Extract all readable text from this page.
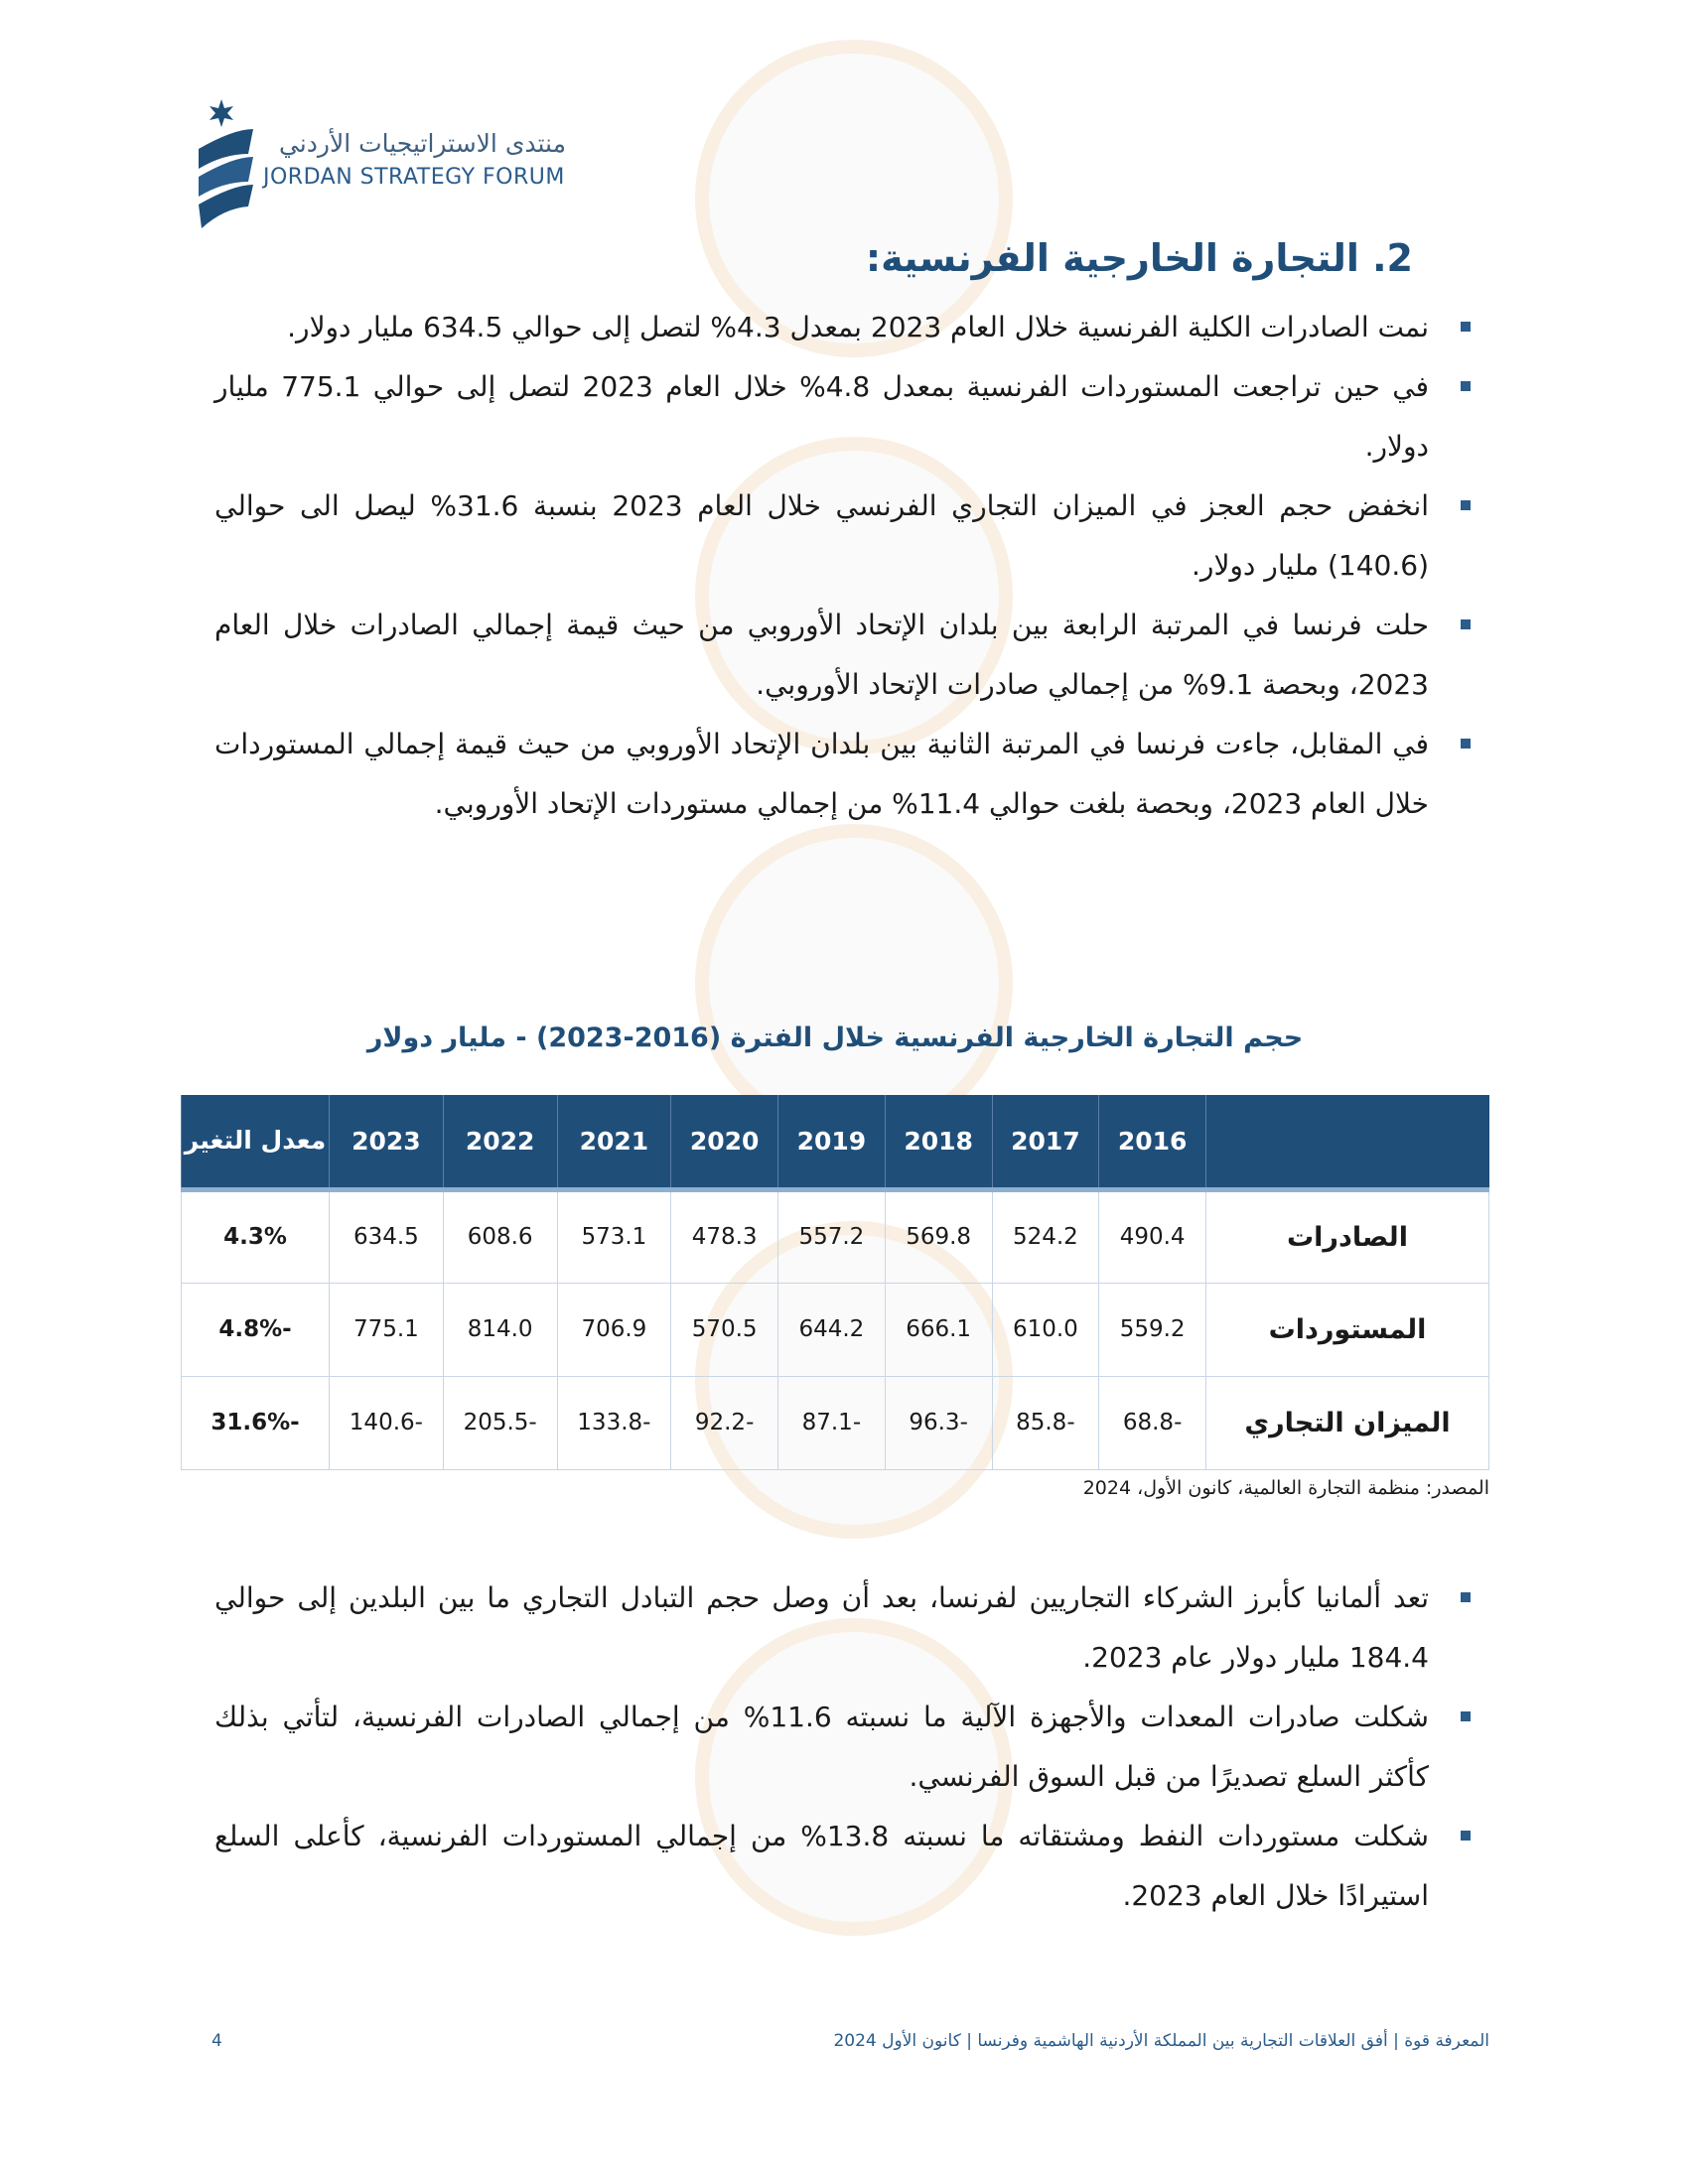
منتدى الاستراتيجيات الأردني
JORDAN STRATEGY FORUM
2. التجارة الخارجية الفرنسية:
نمت الصادرات الكلية الفرنسية خلال العام 2023 بمعدل 4.3% لتصل إلى حوالي 634.5 مليار دولار.
في حين تراجعت المستوردات الفرنسية بمعدل 4.8% خلال العام 2023 لتصل إلى حوالي 775.1 مليار دولار.
انخفض حجم العجز في الميزان التجاري الفرنسي خلال العام 2023 بنسبة 31.6% ليصل الى حوالي (140.6) مليار دولار.
حلت فرنسا في المرتبة الرابعة بين بلدان الإتحاد الأوروبي من حيث قيمة إجمالي الصادرات خلال العام 2023، وبحصة 9.1% من إجمالي صادرات الإتحاد الأوروبي.
في المقابل، جاءت فرنسا في المرتبة الثانية بين بلدان الإتحاد الأوروبي من حيث قيمة إجمالي المستوردات خلال العام 2023، وبحصة بلغت حوالي 11.4% من إجمالي مستوردات الإتحاد الأوروبي.
حجم التجارة الخارجية الفرنسية خلال الفترة (2016-2023) - مليار دولار
	2016	2017	2018	2019	2020	2021	2022	2023	معدل التغير
الصادرات	490.4	524.2	569.8	557.2	478.3	573.1	608.6	634.5	4.3%
المستوردات	559.2	610.0	666.1	644.2	570.5	706.9	814.0	775.1	-4.8%
الميزان التجاري	-68.8	-85.8	-96.3	-87.1	-92.2	-133.8	-205.5	-140.6	-31.6%
المصدر: منظمة التجارة العالمية، كانون الأول، 2024
تعد ألمانيا كأبرز الشركاء التجاريين لفرنسا، بعد أن وصل حجم التبادل التجاري ما بين البلدين إلى حوالي 184.4 مليار دولار عام 2023.
شكلت صادرات المعدات والأجهزة الآلية ما نسبته 11.6% من إجمالي الصادرات الفرنسية، لتأتي بذلك كأكثر السلع تصديرًا من قبل السوق الفرنسي.
شكلت مستوردات النفط ومشتقاته ما نسبته 13.8% من إجمالي المستوردات الفرنسية، كأعلى السلع استيرادًا خلال العام 2023.
المعرفة قوة | أفق العلاقات التجارية بين المملكة الأردنية الهاشمية وفرنسا | كانون الأول 2024
4
